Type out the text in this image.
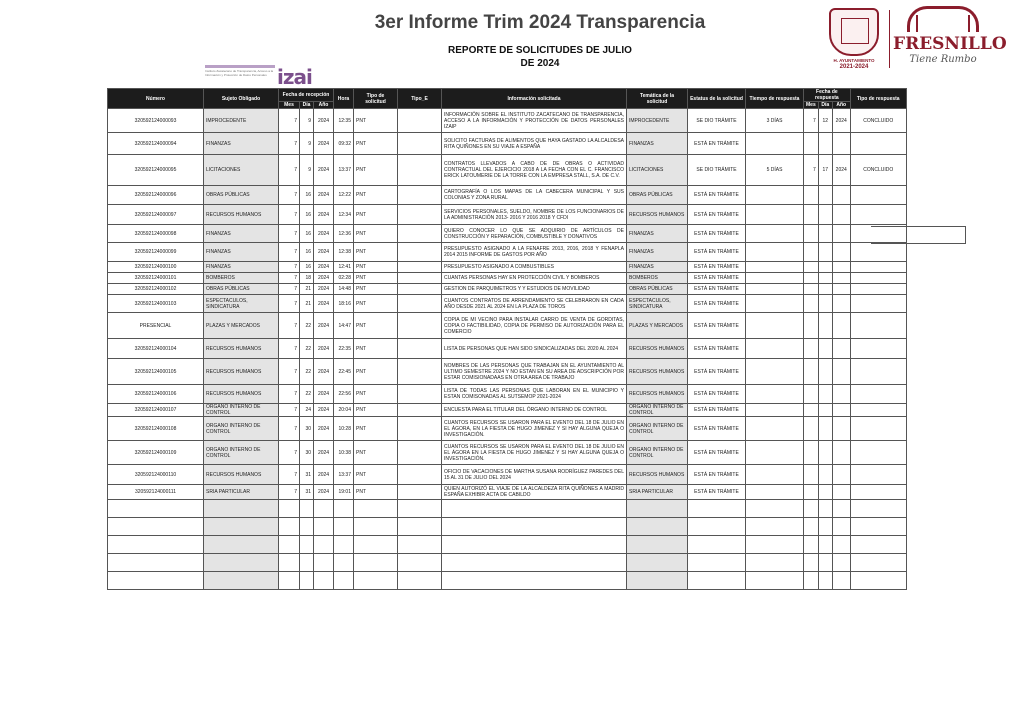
3er Informe Trim 2024 Transparencia
REPORTE DE SOLICITUDES DE JULIO
DE 2024
Instituto Zacatecano de Transparencia, Acceso a la Información y Protección de Datos Personales izai
H. AYUNTAMIENTO
2021-2024
FRESNILLO
Tiene Rumbo
Número	Sujeto Obligado	Fecha de recepción			Hora	Tipo de solicitud	Tipo_E	Información solicitada	Temática de la solicitud	Estatus de la solicitud	Tiempo de respuesta	Fecha de respuesta			Tipo de respuesta
		Mes	Día	Año								Mes	Día	Año	
320592124000093	IMPROCEDENTE	7	9	2024	12:35	PNT		INFORMACIÓN SOBRE EL INSTITUTO ZACATECANO DE TRANSPARENCIA, ACCESO A LA INFORMACIÓN Y PROTECCIÓN DE DATOS PERSONALES IZAIP	IMPROCEDENTE	SE DIO TRÁMITE	3 DÍAS	7	12	2024	CONCLUIDO
320592124000094	FINANZAS	7	9	2024	09:32	PNT		SOLICITO FACTURAS DE ALIMENTOS QUE HAYA GASTADO LA ALCALDESA RITA QUIÑONES EN SU VIAJE A ESPAÑA	FINANZAS	ESTÁ EN TRÁMITE					
320592124000095	LICITACIONES	7	9	2024	13:37	PNT		CONTRATOS LLEVADOS A CABO DE DE OBRAS O ACTIVIDAD CONTRACTUAL DEL EJERCICIO 2018 A LA FECHA CON EL C. FRANCISCO ERICK LATOUMERIE DE LA TORRE CON LA EMPRESA STALL, S.A. DE C.V.	LICITACIONES	SE DIO TRÁMITE	5 DÍAS	7	17	2024	CONCLUIDO
320592124000096	OBRAS PÚBLICAS	7	16	2024	12:22	PNT		CARTOGRAFÍA O LOS MAPAS DE LA CABECERA MUNICIPAL Y SUS COLONIAS Y ZONA RURAL	OBRAS PÚBLICAS	ESTÁ EN TRÁMITE					
320592124000097	RECURSOS HUMANOS	7	16	2024	12:34	PNT		SERVICIOS PERSONALES, SUELDO, NOMBRE DE LOS FUNCIONARIOS DE LA ADMINISTRACIÓN 2013- 2016 Y 2016 2018 Y CFDI	RECURSOS HUMANOS	ESTÁ EN TRÁMITE					
320592124000098	FINANZAS	7	16	2024	12:36	PNT		QUIERO CONOCER LO QUE SE ADQUIRIO DE ARTÍCULOS DE CONSTRUCCIÓN Y REPARACIÓN, COMBUSTIBLE Y DONATIVOS	FINANZAS	ESTÁ EN TRÁMITE					
320592124000099	FINANZAS	7	16	2024	12:38	PNT		PRESUPUESTO ASIGNADO A LA FENAFRE 2013, 2016, 2018 Y FENAPLA 2014 2015 INFORME DE GASTOS POR AÑO	FINANZAS	ESTÁ EN TRÁMITE					
320592124000100	FINANZAS	7	16	2024	12:41	PNT		PRESUPUESTO ASIGNADO A COMBUSTIBLES	FINANZAS	ESTÁ EN TRÁMITE					
320592124000101	BOMBEROS	7	18	2024	02:28	PNT		CUANTAS PERSONAS HAY EN PROTECCIÓN CIVIL Y BOMBEROS	BOMBEROS	ESTÁ EN TRÁMITE					
320592124000102	OBRAS PÚBLICAS	7	21	2024	14:48	PNT		GESTION DE PARQUIMETROS Y Y ESTUDIOS DE MOVILIDAD	OBRAS PÚBLICAS	ESTÁ EN TRÁMITE					
320592124000103	ESPECTACULOS, SINDICATURA	7	21	2024	18:16	PNT		CUANTOS CONTRATOS DE ARRENDAMIENTO SE CELEBRARON EN CADA AÑO DESDE 2021 AL 2024 EN LA PLAZA DE TOROS	ESPECTACULOS, SINDICATURA	ESTÁ EN TRÁMITE					
PRESENCIAL	PLAZAS Y MERCADOS	7	22	2024	14:47	PNT		COPIA DE MI VECINO PARA INSTALAR CARRO DE VENTA DE GORDITAS, COPIA O FACTIBILIDAD, COPIA DE PERMISO DE AUTORIZACIÓN PARA EL COMERCIO	PLAZAS Y MERCADOS	ESTÁ EN TRÁMITE					
320592124000104	RECURSOS HUMANOS	7	22	2024	22:35	PNT		LISTA DE PERSONAS QUE HAN SIDO SINDICALIZADAS DEL 2020 AL 2024	RECURSOS HUMANOS	ESTÁ EN TRÁMITE					
320592124000105	RECURSOS HUMANOS	7	22	2024	22:45	PNT		NOMBRES DE LAS PERSONAS QUE TRABAJAN EN EL AYUNTAMIENTO AL ULTIMO SEMESTRE 2024 Y NO ESTAN EN SU AREA DE ADSCRIPCIÓN POR ESTAR COMISIONADAAS EN OTRA AREA DE TRABAJO	RECURSOS HUMANOS	ESTÁ EN TRÁMITE					
320592124000106	RECURSOS HUMANOS	7	22	2024	22:56	PNT		LISTA DE TODAS LAS PERSONAS QUE LABORAN EN EL MUNICIPIO Y ESTAN COMISONADAS AL SUTSEMOP 2021-2024	RECURSOS HUMANOS	ESTÁ EN TRÁMITE					
320592124000107	ORGANO INTERNO DE CONTROL	7	24	2024	20:04	PNT		ENCUESTA PARA EL TITULAR DEL ÓRGANO INTERNO DE CONTROL	ORGANO INTERNO DE CONTROL	ESTÁ EN TRÁMITE					
320592124000108	ORGANO INTERNO DE CONTROL	7	30	2024	10:28	PNT		CUANTOS RECURSOS SE USARON PARA EL EVENTO DEL 18 DE JULIO EN EL ÁGORA, EN LA FIESTA DE HUGO JIMENEZ Y SI HAY ALGUNA QUEJA O INVESTIGACIÓN.	ORGANO INTERNO DE CONTROL	ESTÁ EN TRÁMITE					
320592124000109	ORGANO INTERNO DE CONTROL	7	30	2024	10:38	PNT		CUANTOS RECURSOS SE USARON PARA EL EVENTO DEL 18 DE JULIO EN EL ÁGORA EN LA FIESTA DE HUGO JIMENEZ Y SI HAY ALGUNA QUEJA O INVESTIGACIÓN.	ORGANO INTERNO DE CONTROL	ESTÁ EN TRÁMITE					
320592124000110	RECURSOS HUMANOS	7	31	2024	13:37	PNT		OFICIO DE VACACIONES DE MARTHA SUSANA RODRÍGUEZ PAREDES DEL 15 AL 31 DE JULIO DEL 2024	RECURSOS HUMANOS	ESTÁ EN TRÁMITE					
320592124000111	SRIA PARTICULAR	7	31	2024	19:01	PNT		QUIEN AUTORIZÓ EL VIAJE DE LA ALCALDEZA RITA QUIÑONES A MADRID ESPAÑA EXHIBIR ACTA DE CABILDO	SRIA PARTICULAR	ESTÁ EN TRÁMITE					
